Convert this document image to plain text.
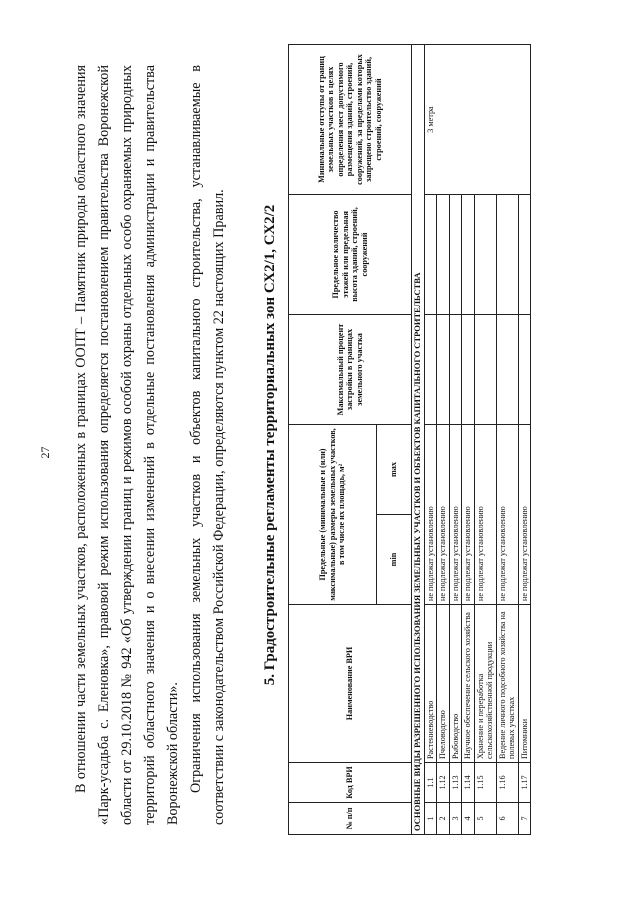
27 В отношении части земельных участков, расположенных в границах ООПТ – Памятник природы областного значения «Парк-усадьба с. Еленовка», правовой режим использования определяется постановлением правительства Воронежской области от 29.10.2018 № 942 «Об утверждении границ и режимов особой охраны отдельных особо охраняемых природных территорий областного значения и о внесении изменений в отдельные постановления администрации и правительства Воронежской области». Ограничения использования земельных участков и объектов капитального строительства, устанавливаемые в соответствии с законодательством Российской Федерации, определяются пунктом 22 настоящих Правил. 5. Градостроительные регламенты территориальных зон СХ2/1, СХ2/2
№ п/п	Код ВРИ	Наименование ВРИ	Предельные (минимальные и (или) максимальные) размеры земельных участков, в том числе их площадь, м²		Максимальный процент застройки в границах земельного участка	Предельное количество этажей или предельная высота зданий, строений, сооружений	Минимальные отступы от границ земельных участков в целях определения мест допустимого размещения зданий, строений, сооружений, за пределами которых запрещено строительство зданий, строений, сооружений
			min	max			
ОСНОВНЫЕ ВИДЫ РАЗРЕШЕННОГО ИСПОЛЬЗОВАНИЯ ЗЕМЕЛЬНЫХ УЧАСТКОВ И ОБЪЕКТОВ КАПИТАЛЬНОГО СТРОИТЕЛЬСТВА							
1	1.1	Растениеводство	не подлежат установлению				3 метра
2	1.12	Пчеловодство	не подлежат установлению				
3	1.13	Рыбоводство	не подлежат установлению				
4	1.14	Научное обеспечение сельского хозяйства	не подлежат установлению				
5	1.15	Хранение и переработка сельскохозяйственной продукции	не подлежат установлению				
6	1.16	Ведение личного подсобного хозяйства на полевых участках	не подлежат установлению				
7	1.17	Питомники	не подлежат установлению				
